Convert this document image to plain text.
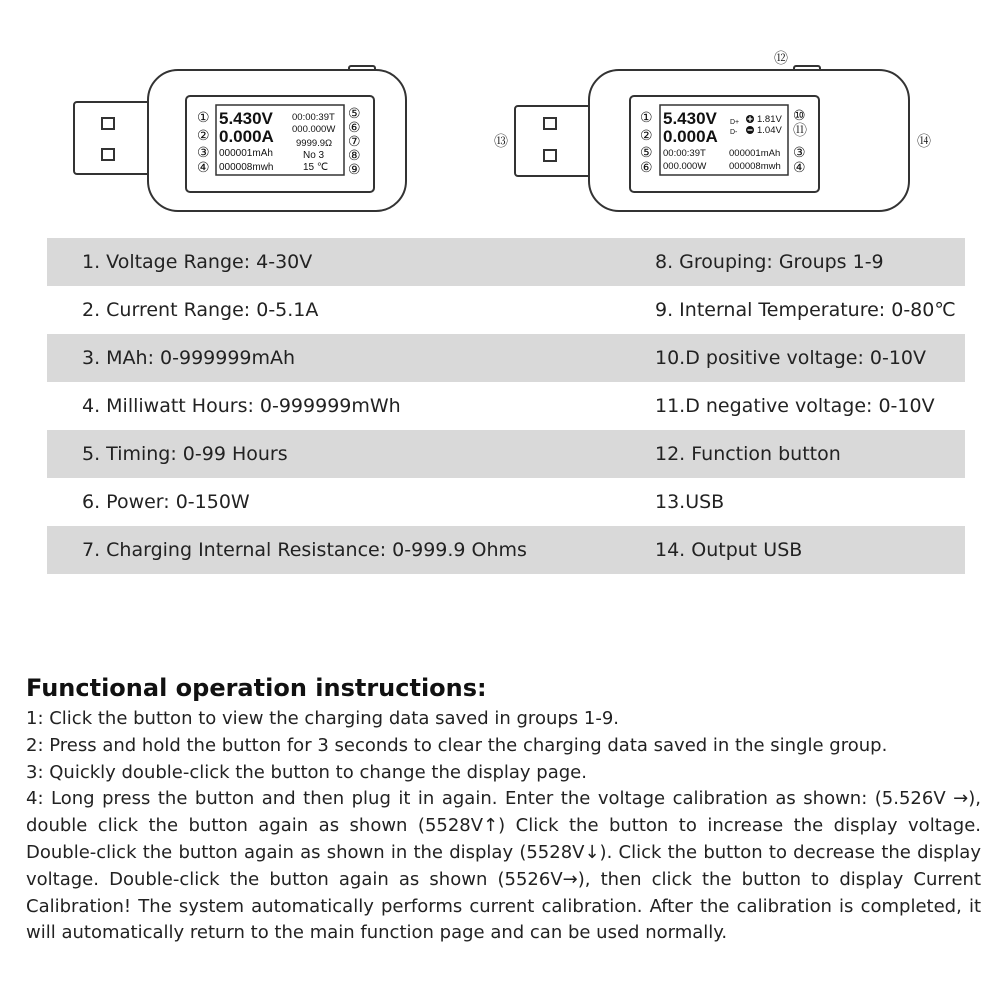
①
②
③
④
⑤
⑥
⑦
⑧
⑨
5.430V
0.000A
000001mAh
000008mwh
00:00:39T
000.000W
9999.9Ω
No 3
15 ℃
①
②
⑤
⑥
③
④
⑩
⑪
⑫
⑬	⑭
5.430V
0.000A
00:00:39T
000.000W
000001mAh
000008mwh
D+
D-
1.81V
1.04V
1. Voltage Range: 4-30V	8. Grouping: Groups 1-9
2. Current Range: 0-5.1A	9. Internal Temperature: 0-80℃
3. MAh: 0-999999mAh	10.D positive voltage: 0-10V
4. Milliwatt Hours: 0-999999mWh	11.D negative voltage: 0-10V
5. Timing: 0-99 Hours	12. Function button
6. Power: 0-150W	13.USB
7. Charging Internal Resistance: 0-999.9 Ohms	14. Output USB
Functional operation instructions:

1: Click the button to view the charging data saved in groups 1-9.

2: Press and hold the button for 3 seconds to clear the charging data saved in the single group.

3: Quickly double-click the button to change the display page.

4: Long press the button and then plug it in again. Enter the voltage calibration as shown: (5.526V →), double click the button again as shown (5528V↑) Click the button to increase the display voltage. Double-click the button again as shown in the display (5528V↓). Click the button to decrease the display voltage. Double-click the button again as shown (5526V→), then click the button to display Current Calibration! The system automatically performs current calibration. After the calibration is completed, it will automatically return to the main function page and can be used normally.
